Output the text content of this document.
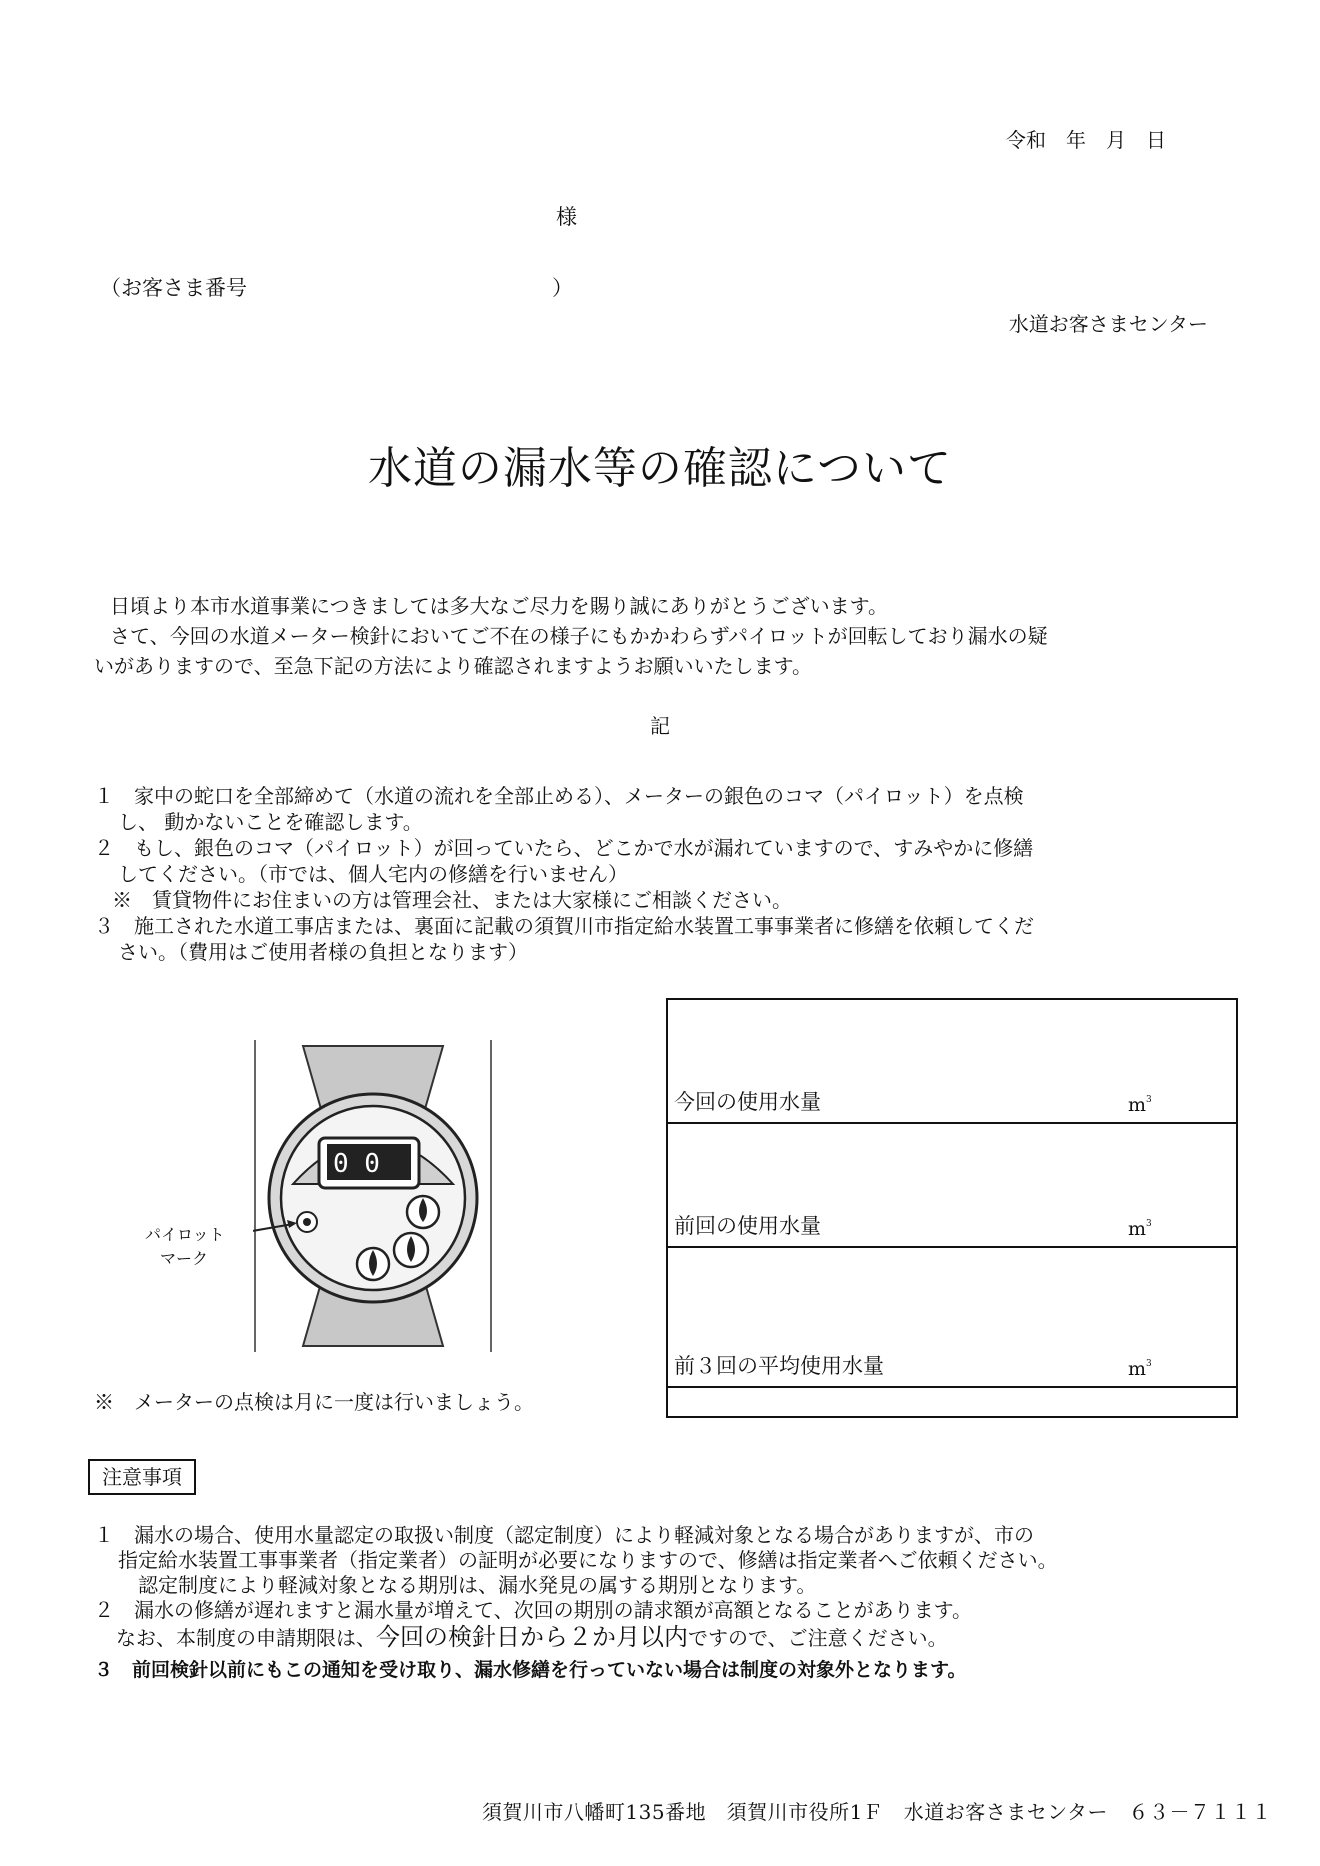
令和　年　月　日
様
（お客さま番号	）
水道お客さまセンター
水道の漏水等の確認について
日頃より本市水道事業につきましては多大なご尽力を賜り誠にありがとうございます。
さて、今回の水道メーター検針においてご不在の様子にもかかわらずパイロットが回転しており漏水の疑
いがありますので、至急下記の方法により確認されますようお願いいたします。
記
１　家中の蛇口を全部締めて（水道の流れを全部止める）、メーターの銀色のコマ（パイロット）を点検
し、 動かないことを確認します。
２　もし、銀色のコマ（パイロット）が回っていたら、どこかで水が漏れていますので、すみやかに修繕
してください。（市では、個人宅内の修繕を行いません）
※　賃貸物件にお住まいの方は管理会社、または大家様にご相談ください。
３　施工された水道工事店または、裏面に記載の須賀川市指定給水装置工事事業者に修繕を依頼してくだ
さい。（費用はご使用者様の負担となります）
0 0
パイロット
マーク
※　メーターの点検は月に一度は行いましょう。
今回の使用水量	$m^3$
前回の使用水量	$m^3$
前３回の平均使用水量	$m^3$
注意事項
１　漏水の場合、使用水量認定の取扱い制度（認定制度）により軽減対象となる場合がありますが、市の
指定給水装置工事事業者（指定業者）の証明が必要になりますので、修繕は指定業者へご依頼ください。
認定制度により軽減対象となる期別は、漏水発見の属する期別となります。
２　漏水の修繕が遅れますと漏水量が増えて、次回の期別の請求額が高額となることがあります。
なお、本制度の申請期限は、今回の検針日から２か月以内ですので、ご注意ください。
３　前回検針以前にもこの通知を受け取り、漏水修繕を行っていない場合は制度の対象外となります。
須賀川市八幡町135番地　須賀川市役所1Ｆ　水道お客さまセンター　６３－７１１１
